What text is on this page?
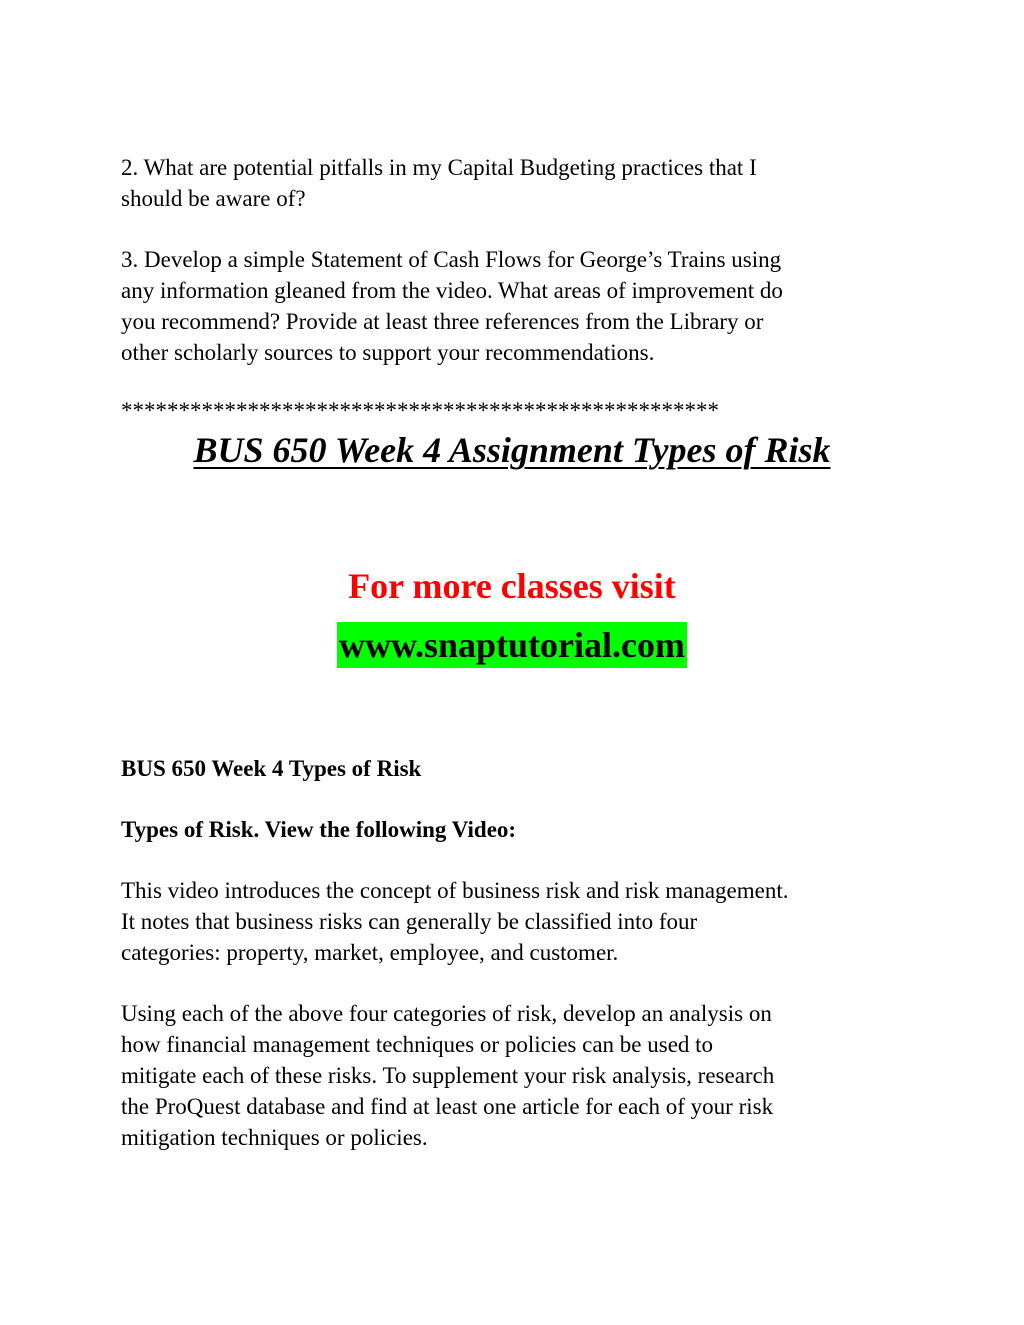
2. What are potential pitfalls in my Capital Budgeting practices that I
should be aware of?

3. Develop a simple Statement of Cash Flows for George’s Trains using
any information gleaned from the video. What areas of improvement do
you recommend? Provide at least three references from the Library or
other scholarly sources to support your recommendations.

****************************************************

BUS 650 Week 4 Assignment Types of Risk
For more classes visit
www.snaptutorial.com

BUS 650 Week 4 Types of Risk

Types of Risk. View the following Video:

This video introduces the concept of business risk and risk management.
It notes that business risks can generally be classified into four
categories: property, market, employee, and customer.

Using each of the above four categories of risk, develop an analysis on
how financial management techniques or policies can be used to
mitigate each of these risks. To supplement your risk analysis, research
the ProQuest database and find at least one article for each of your risk
mitigation techniques or policies.
